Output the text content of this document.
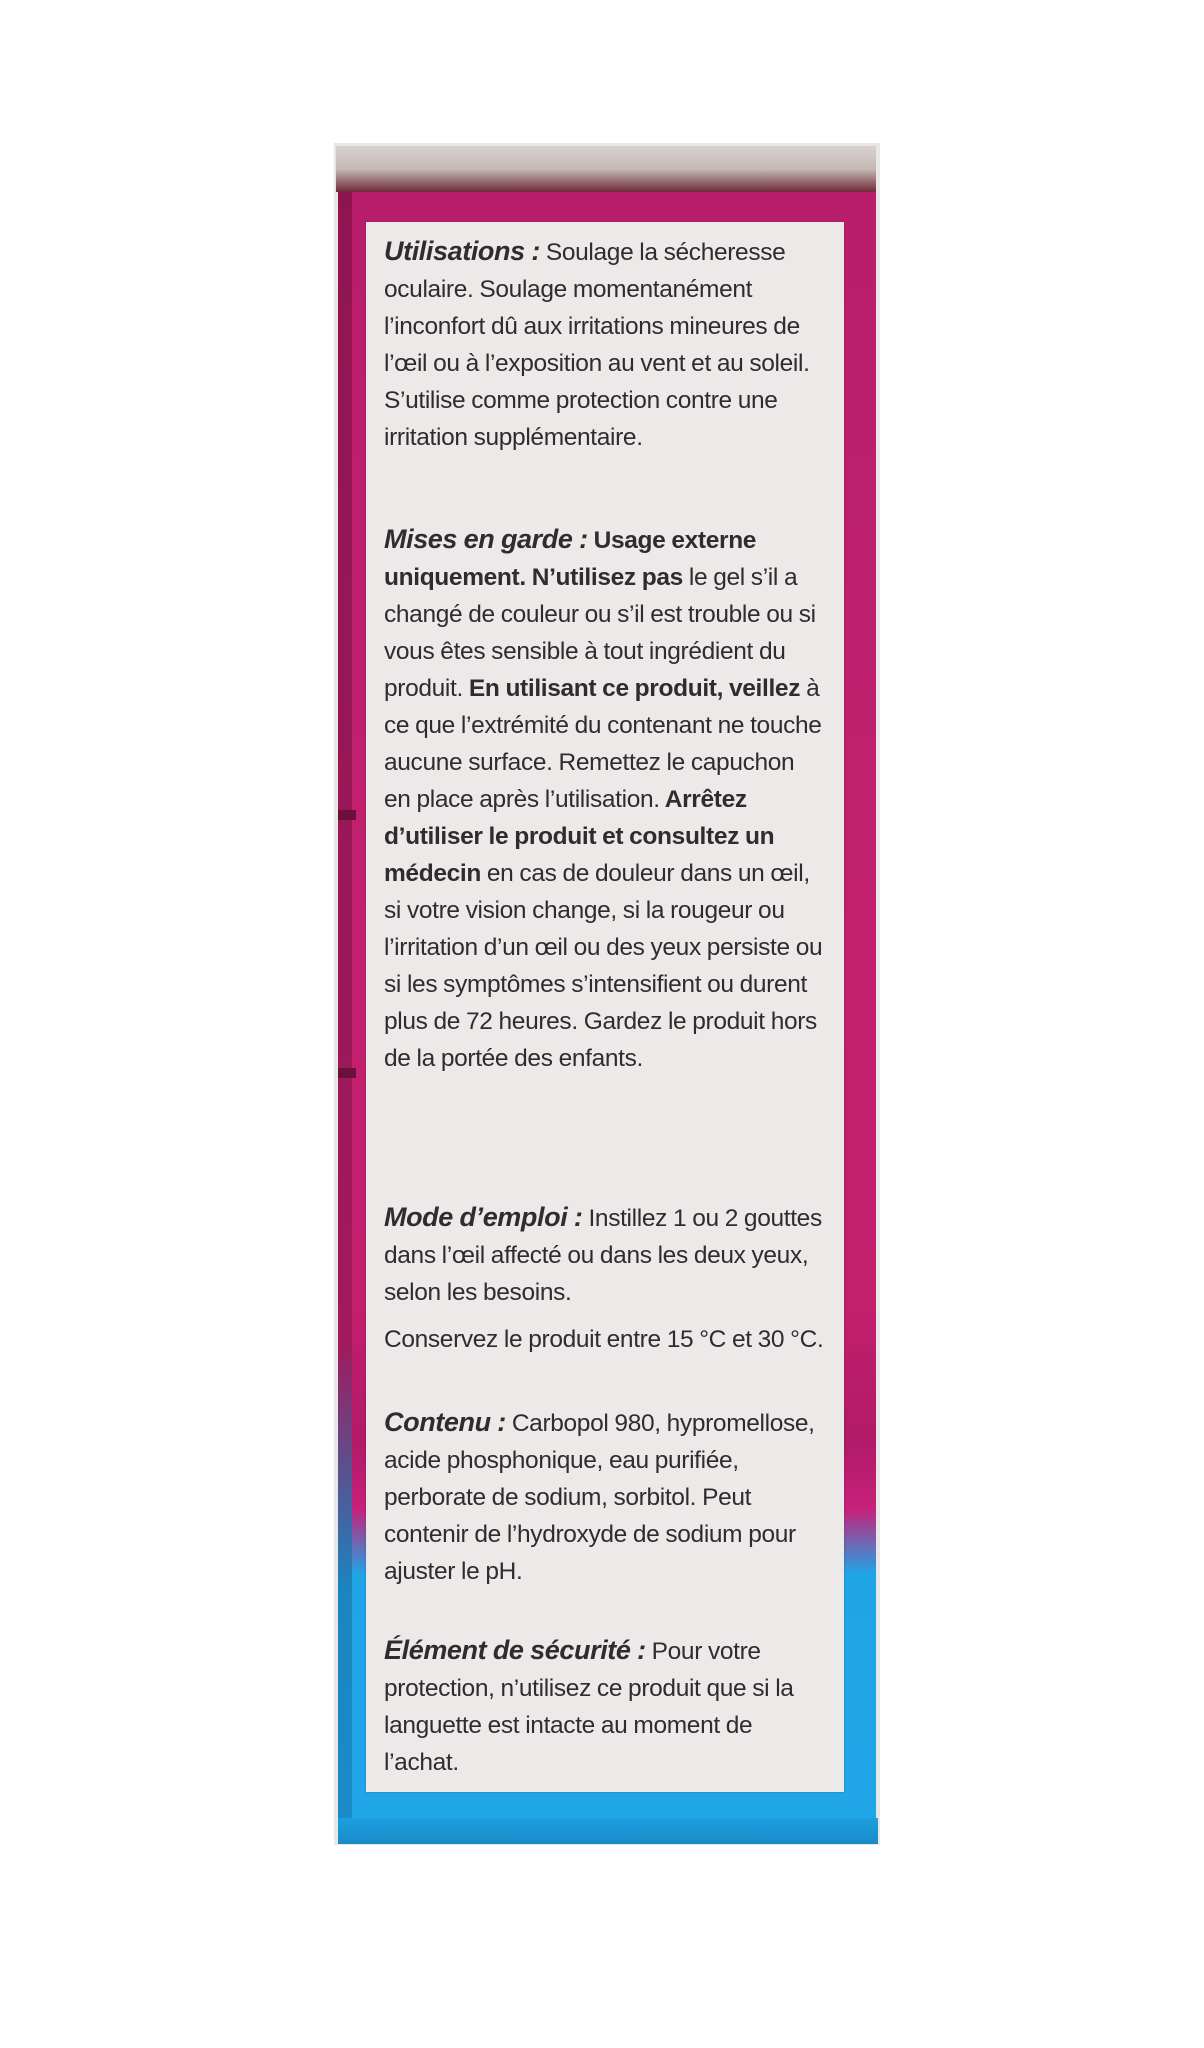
Utilisations : Soulage la sécheresse oculaire. Soulage momentanément l’inconfort dû aux irritations mineures de l’œil ou à l’exposition au vent et au soleil. S’utilise comme protection contre une irritation supplémentaire.

Mises en garde : Usage externe uniquement. N’utilisez pas le gel s’il a changé de couleur ou s’il est trouble ou si vous êtes sensible à tout ingrédient du produit. En utilisant ce produit, veillez à ce que l’extrémité du contenant ne touche aucune surface. Remettez le capuchon en place après l’utilisation. Arrêtez d’utiliser le produit et consultez un médecin en cas de douleur dans un œil, si votre vision change, si la rougeur ou l’irritation d’un œil ou des yeux persiste ou si les symptômes s’intensifient ou durent plus de 72 heures. Gardez le produit hors de la portée des enfants.

Mode d’emploi : Instillez 1 ou 2 gouttes dans l’œil affecté ou dans les deux yeux, selon les besoins.

Conservez le produit entre 15 °C et 30 °C.

Contenu : Carbopol 980, hypromellose, acide phosphonique, eau purifiée, perborate de sodium, sorbitol. Peut contenir de l’hydroxyde de sodium pour ajuster le pH.

Élément de sécurité : Pour votre protection, n’utilisez ce produit que si la languette est intacte au moment de l’achat.
